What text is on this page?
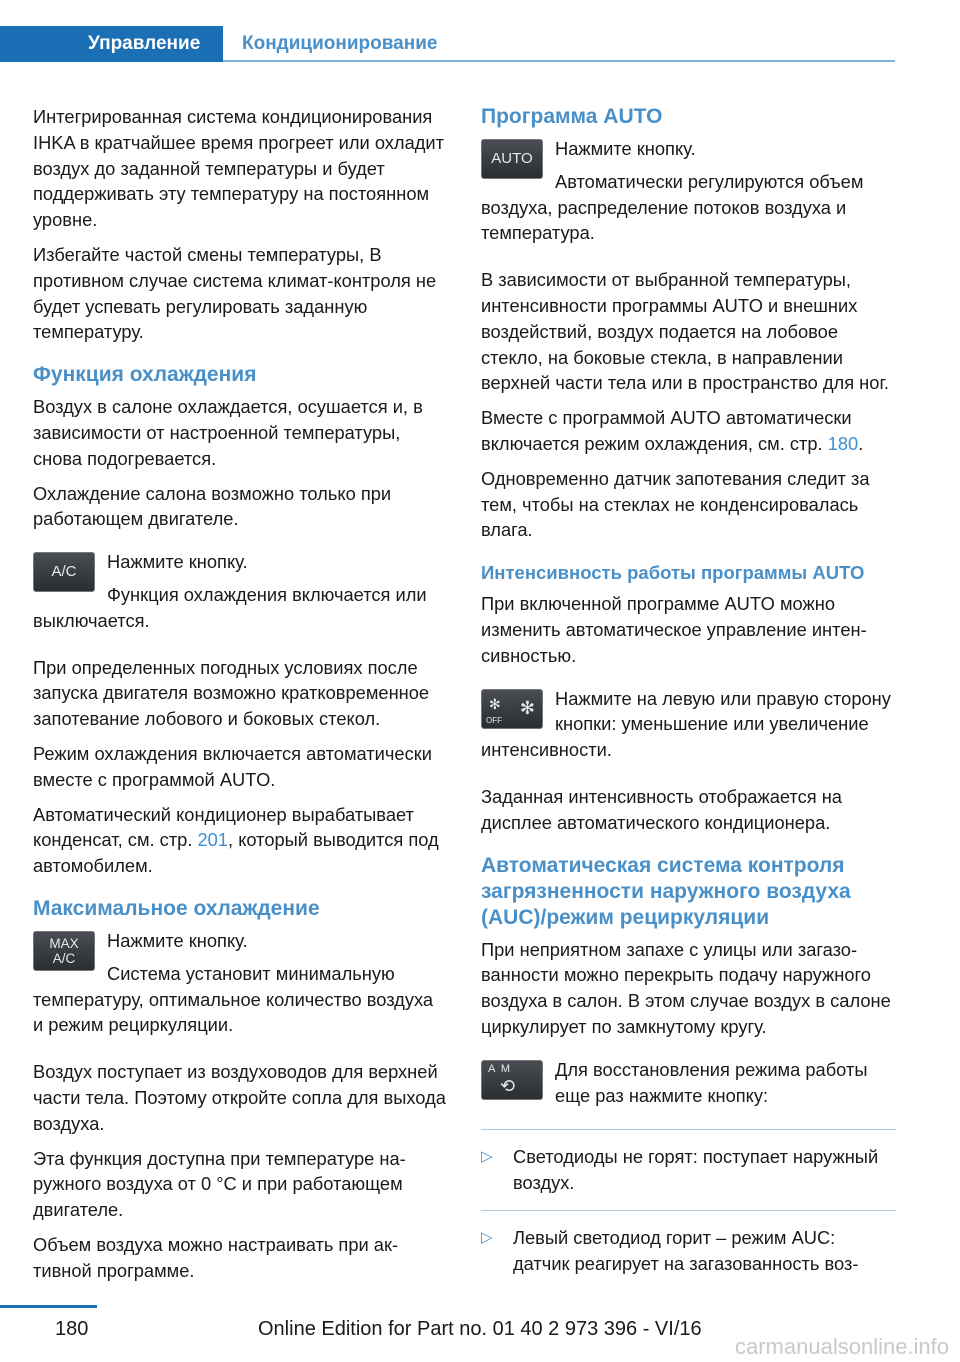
Управление	Кондиционирование

Интегрированная система кондиционирования IHKA в кратчайшее время прогреет или охладит воздух до заданной температуры и будет поддерживать эту температуру на постоянном уровне.

Избегайте частой смены температуры, В противном случае система климат-контроля не будет успевать регулировать заданную температуру.

Функция охлаждения

Воздух в салоне охлаждается, осушается и, в зависимости от настроенной температуры, снова подогревается.

Охлаждение салона возможно только при работающем двигателе.

A/C	Нажмите кнопку.

Функция охлаждения включается или выключается.

При определенных погодных условиях после запуска двигателя возможно кратковременное запотевание лобового и боковых стекол.

Режим охлаждения включается автоматически вместе с программой AUTO.

Автоматический кондиционер вырабатывает конденсат, см. стр. 201, который выводится под автомобилем.

Максимальное охлаждение
MAX
A/C

Нажмите кнопку.

Система установит минимальную температуру, оптимальное количество воздуха и режим рециркуляции.

Воздух поступает из воздуховодов для верхней части тела. Поэтому откройте сопла для выхода воздуха.

Эта функция доступна при температуре наружного воздуха от 0 °C и при работающем двигателе.

Объем воздуха можно настраивать при активной программе.

Программа AUTO
AUTO	Нажмите кнопку.

Автоматически регулируются объем воздуха, распределение потоков воздуха и температура.

В зависимости от выбранной температуры, интенсивности программы AUTO и внешних воздействий, воздух подается на лобовое стекло, на боковые стекла, в направлении верхней части тела или в пространство для ног.

Вместе с программой AUTO автоматически включается режим охлаждения, см. стр. 180.

Одновременно датчик запотевания следит за тем, чтобы на стеклах не конденсировалась влага.

Интенсивность работы программы AUTO

При включенной программе AUTO можно изменить автоматическое управление интенсивностью.

✻ ✻
OFF

Нажмите на левую или правую сторону кнопки: уменьшение или увеличение интенсивности.

Заданная интенсивность отображается на дисплее автоматического кондиционера.

Автоматическая система контроля загрязненности наружного воздуха (AUC)/режим рециркуляции

При неприятном запахе с улицы или загазованности можно перекрыть подачу наружного воздуха в салон. В этом случае воздух в салоне циркулирует по замкнутому кругу.

A  M
⟲

Для восстановления режима работы еще раз нажмите кнопку:

▷ Светодиоды не горят: поступает наружный воздух.
▷ Левый светодиод горит – режим AUC: датчик реагирует на загазованность воз-
180	Online Edition for Part no. 01 40 2 973 396 - VI/16
carmanualsonline.info
